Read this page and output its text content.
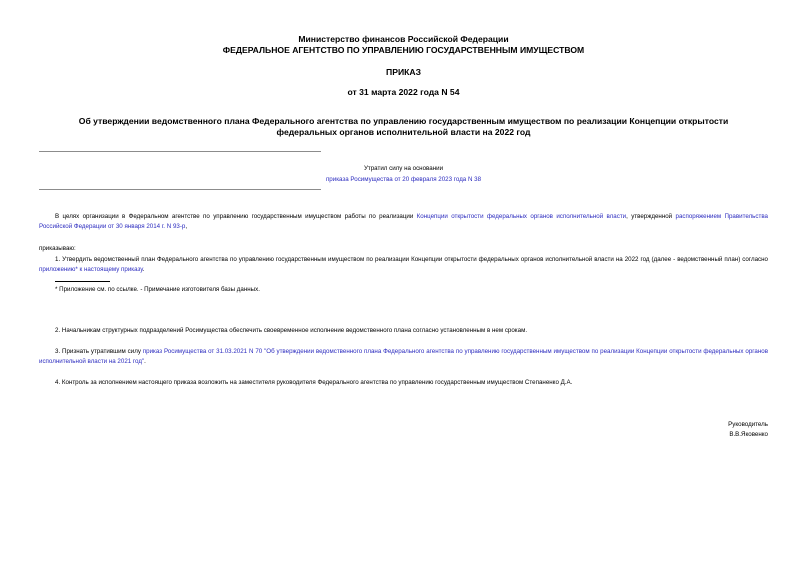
Министерство финансов Российской Федерации
ФЕДЕРАЛЬНОЕ АГЕНТСТВО ПО УПРАВЛЕНИЮ ГОСУДАРСТВЕННЫМ ИМУЩЕСТВОМ
ПРИКАЗ
от 31 марта 2022 года N 54
Об утверждении ведомственного плана Федерального агентства по управлению государственным имуществом по реализации Концепции открытости федеральных органов исполнительной власти на 2022 год
Утратил силу на основании
приказа Росимущества от 20 февраля 2023 года N 38
В целях организации в Федеральном агентстве по управлению государственным имуществом работы по реализации Концепции открытости федеральных органов исполнительной власти, утвержденной распоряжением Правительства Российской Федерации от 30 января 2014 г. N 93-р,
приказываю:
1. Утвердить ведомственный план Федерального агентства по управлению государственным имуществом по реализации Концепции открытости федеральных органов исполнительной власти на 2022 год (далее - ведомственный план) согласно приложению* к настоящему приказу.
* Приложение см. по ссылке. - Примечание изготовителя базы данных.
2. Начальникам структурных подразделений Росимущества обеспечить своевременное исполнение ведомственного плана согласно установленным в нем срокам.
3. Признать утратившим силу приказ Росимущества от 31.03.2021 N 70 "Об утверждении ведомственного плана Федерального агентства по управлению государственным имуществом по реализации Концепции открытости федеральных органов исполнительной власти на 2021 год".
4. Контроль за исполнением настоящего приказа возложить на заместителя руководителя Федерального агентства по управлению государственным имуществом Степаненко Д.А.
Руководитель
В.В.Яковенко
